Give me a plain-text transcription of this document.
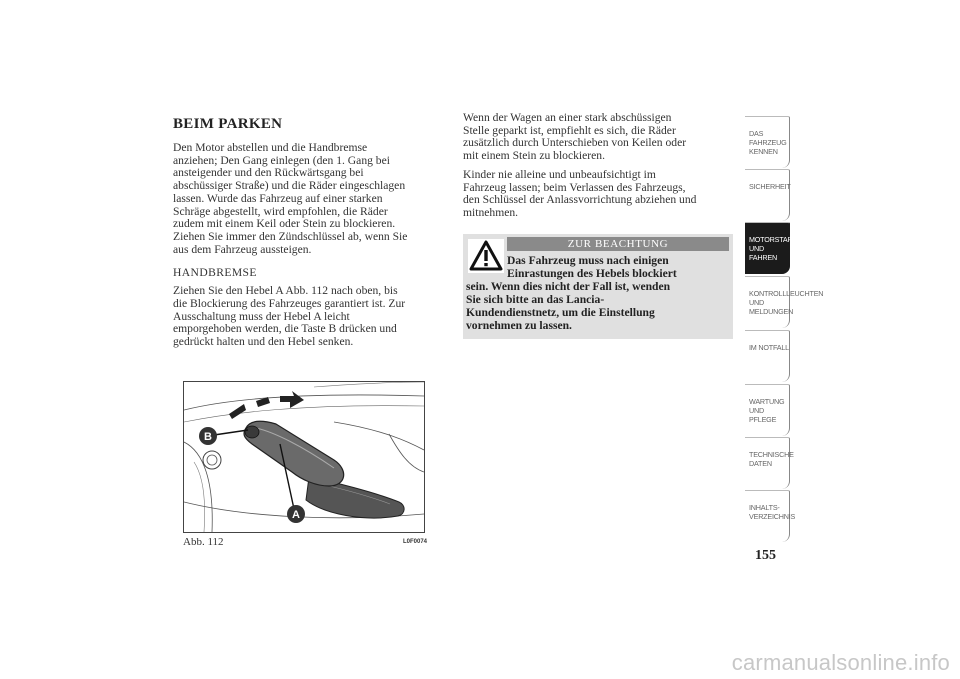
BEIM PARKEN
Den Motor abstellen und die Handbremse
anziehen; Den Gang einlegen (den 1. Gang bei
ansteigender und den Rückwärtsgang bei
abschüssiger Straße) und die Räder eingeschlagen
lassen. Wurde das Fahrzeug auf einer starken
Schräge abgestellt, wird empfohlen, die Räder
zudem mit einem Keil oder Stein zu blockieren.
Ziehen Sie immer den Zündschlüssel ab, wenn Sie
aus dem Fahrzeug aussteigen.
HANDBREMSE
Ziehen Sie den Hebel A Abb. 112 nach oben, bis
die Blockierung des Fahrzeuges garantiert ist. Zur
Ausschaltung muss der Hebel A leicht
emporgehoben werden, die Taste B drücken und
gedrückt halten und den Hebel senken.
Wenn der Wagen an einer stark abschüssigen
Stelle geparkt ist, empfiehlt es sich, die Räder
zusätzlich durch Unterschieben von Keilen oder
mit einem Stein zu blockieren.
Kinder nie alleine und unbeaufsichtigt im
Fahrzeug lassen; beim Verlassen des Fahrzeugs,
den Schlüssel der Anlassvorrichtung abziehen und
mitnehmen.
ZUR BEACHTUNG
Das Fahrzeug muss nach einigen
Einrastungen des Hebels blockiert
sein. Wenn dies nicht der Fall ist, wenden
Sie sich bitte an das Lancia-
Kundendienstnetz, um die Einstellung
vornehmen zu lassen.
B
A
Abb. 112	L0F0074
DAS FAHRZEUG
KENNEN
SICHERHEIT
MOTORSTART UND
FAHREN
KONTROLLLEUCHTEN
UND MELDUNGEN
IM NOTFALL
WARTUNG UND
PFLEGE
TECHNISCHE
DATEN
INHALTS-
VERZEICHNIS
155
carmanualsonline.info
